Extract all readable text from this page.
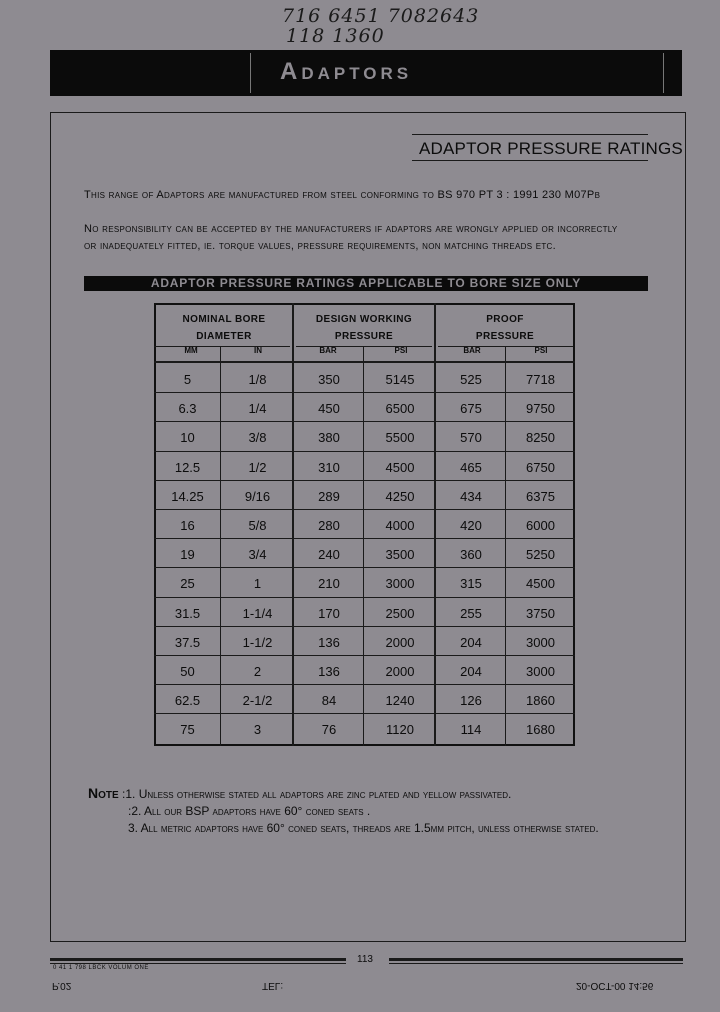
716 6451 7082643
118 1360
Adaptors
ADAPTOR PRESSURE RATINGS
This range of Adaptors are manufactured from steel conforming to BS 970 PT 3 : 1991 230 M07Pb
No responsibility can be accepted by the manufacturers if adaptors are wrongly applied or incorrectly
or inadequately fitted, ie. torque values, pressure requirements, non matching threads etc.
ADAPTOR PRESSURE RATINGS APPLICABLE TO BORE SIZE ONLY
NOMINAL BORE
DIAMETER
DESIGN WORKING
PRESSURE
PROOF
PRESSURE
MM	IN	BAR	PSI	BAR	PSI
5	1/8	350	5145	525	7718
6.3	1/4	450	6500	675	9750
10	3/8	380	5500	570	8250
12.5	1/2	310	4500	465	6750
14.25	9/16	289	4250	434	6375
16	5/8	280	4000	420	6000
19	3/4	240	3500	360	5250
25	1	210	3000	315	4500
31.5	1-1/4	170	2500	255	3750
37.5	1-1/2	136	2000	204	3000
50	2	136	2000	204	3000
62.5	2-1/2	84	1240	126	1860
75	3	76	1120	114	1680
Note :1. Unless otherwise stated all adaptors are zinc plated and yellow passivated.
:2. All our BSP adaptors have 60° coned seats .
3. All metric adaptors have 60° coned seats, threads are 1.5mm pitch, unless otherwise stated.
113
0 41 1 798 LBCK VOLUM ONE
P.02	TEL:	20-OCT-00 14:56
